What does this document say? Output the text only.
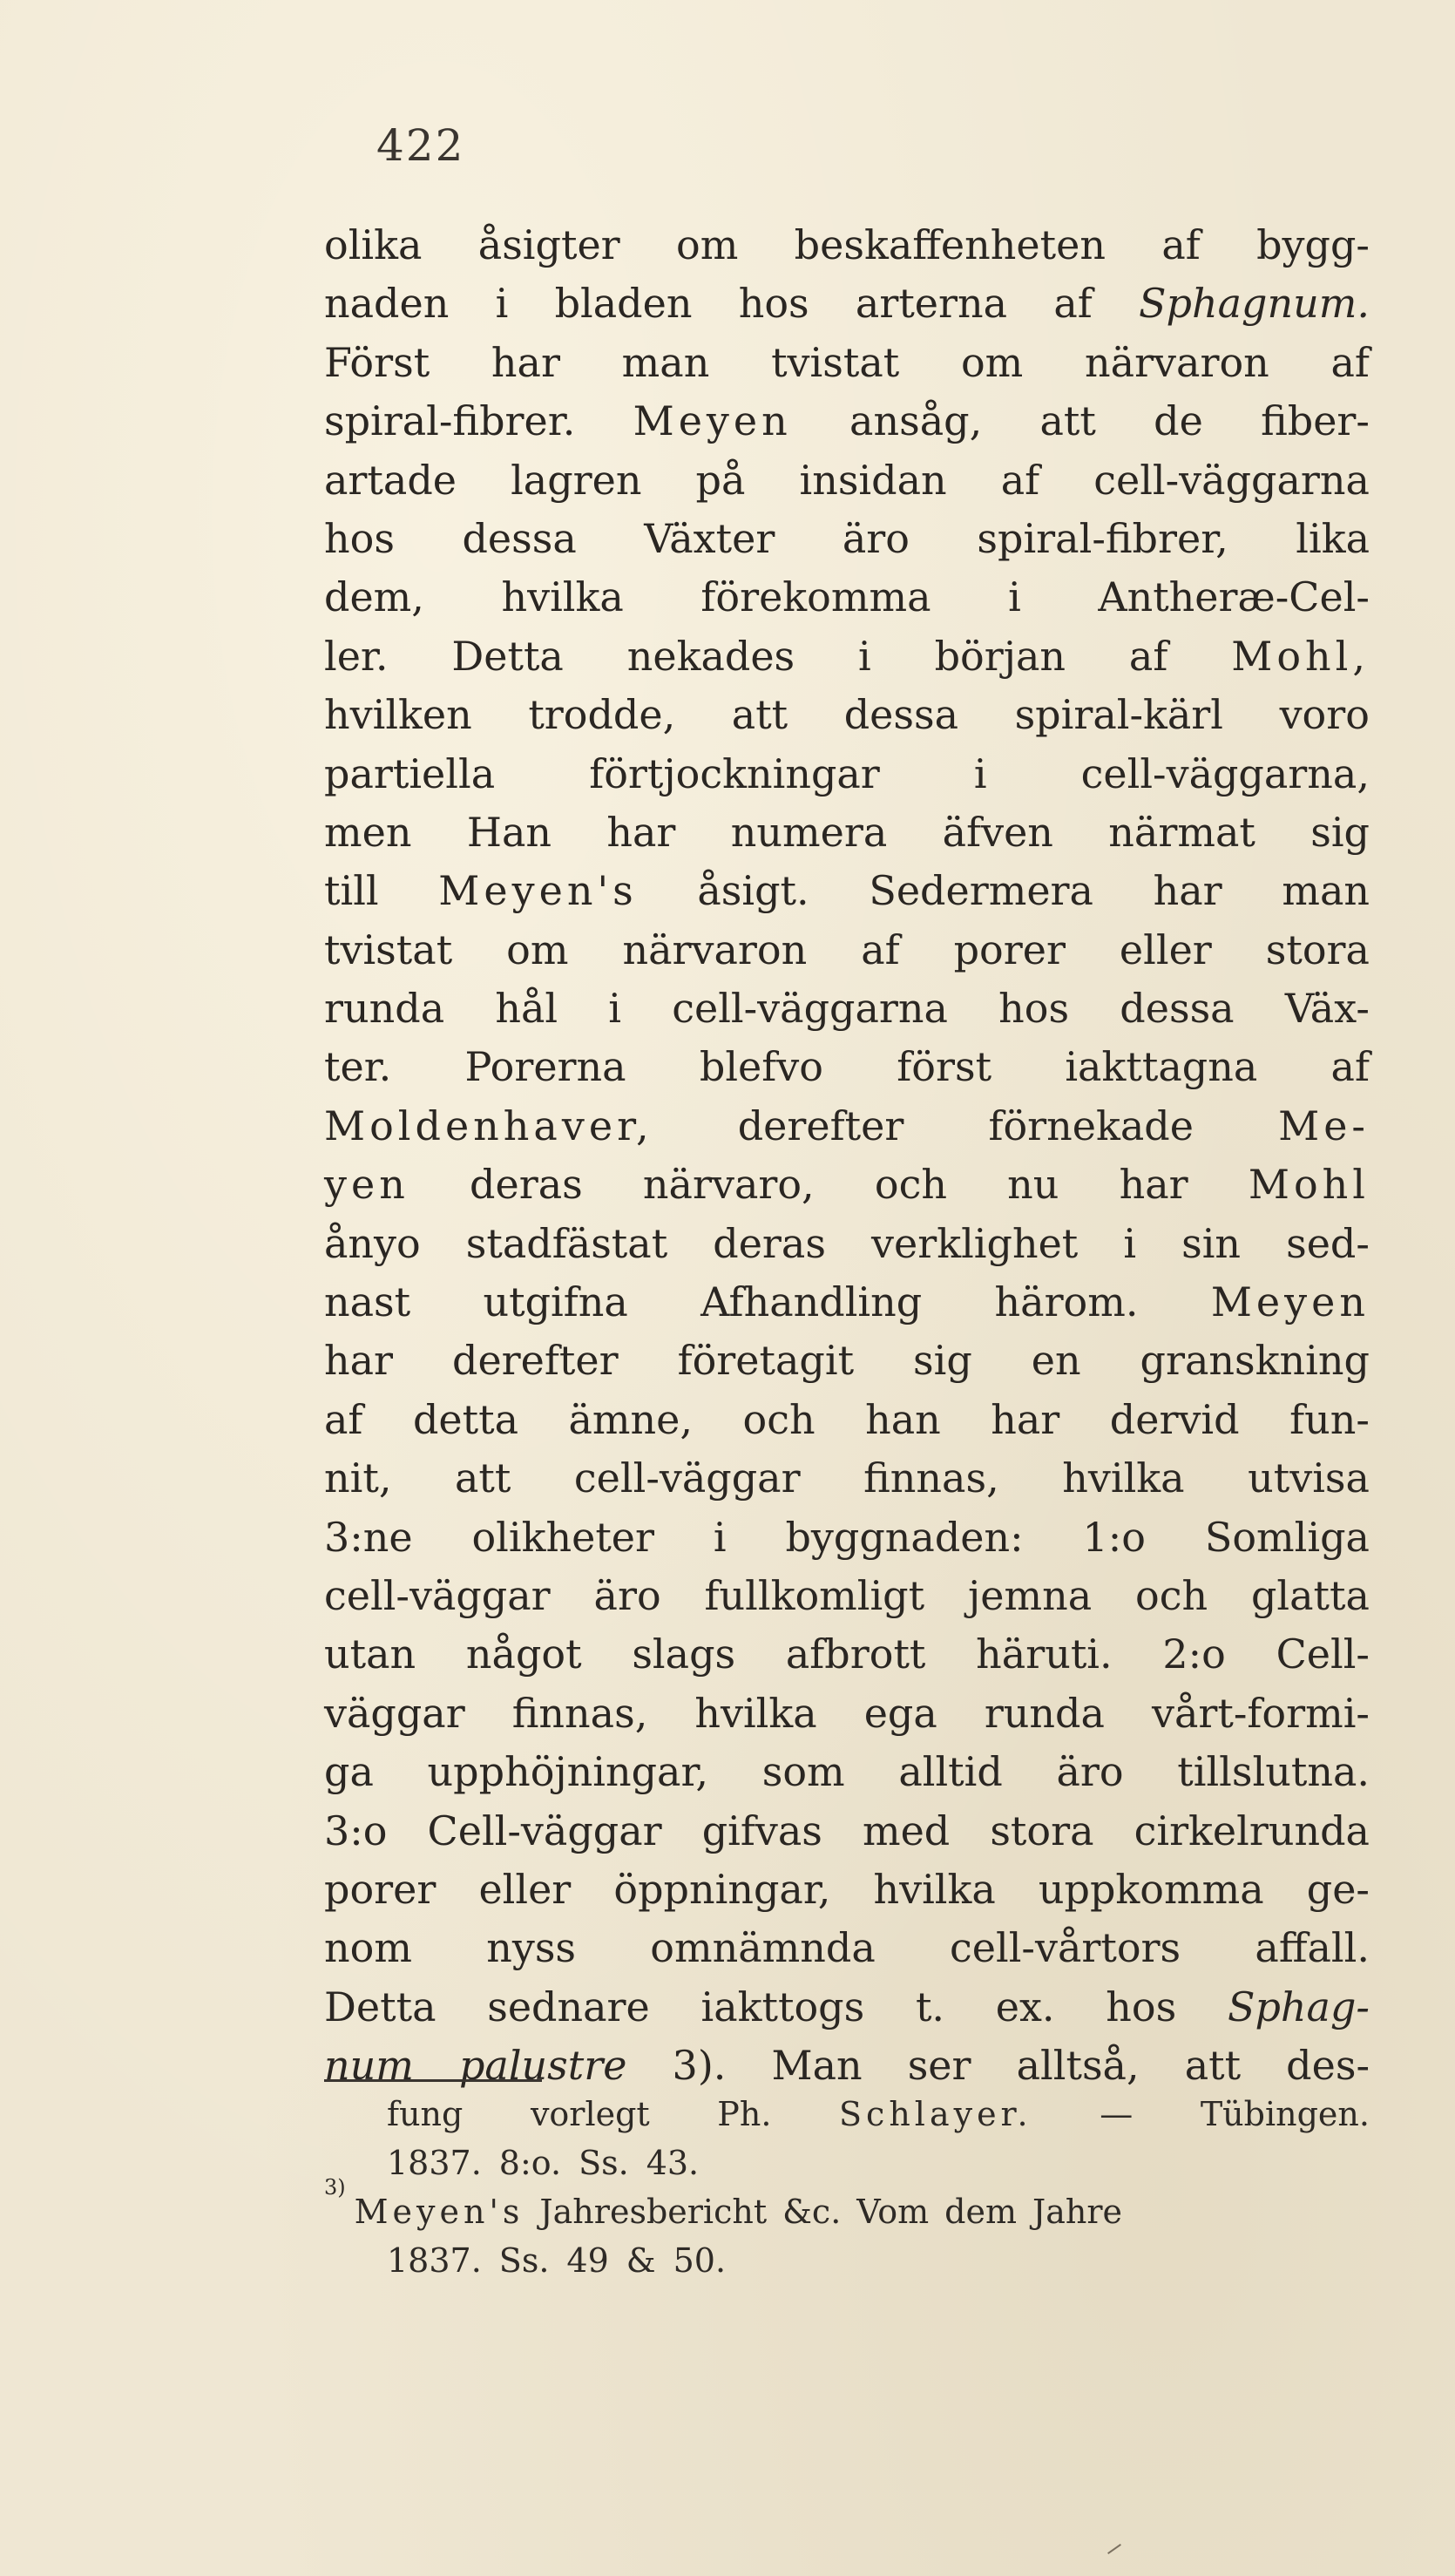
422
olika åsigter om beskaffenheten af bygg-
naden i bladen hos arterna af Sphagnum.
Först har man tvistat om närvaron af
spiral-fibrer. Meyen ansåg, att de fiber-
artade lagren på insidan af cell-väggarna
hos dessa Växter äro spiral-fibrer, lika
dem, hvilka förekomma i Antheræ-Cel-
ler. Detta nekades i början af Mohl,
hvilken trodde, att dessa spiral-kärl voro
partiella förtjockningar i cell-väggarna,
men Han har numera äfven närmat sig
till Meyen's åsigt. Sedermera har man
tvistat om närvaron af porer eller stora
runda hål i cell-väggarna hos dessa Väx-
ter. Porerna blefvo först iakttagna af
Moldenhaver, derefter förnekade Me-
yen deras närvaro, och nu har Mohl
ånyo stadfästat deras verklighet i sin sed-
nast utgifna Afhandling härom. Meyen
har derefter företagit sig en granskning
af detta ämne, och han har dervid fun-
nit, att cell-väggar finnas, hvilka utvisa
3:ne olikheter i byggnaden: 1:o Somliga
cell-väggar äro fullkomligt jemna och glatta
utan något slags afbrott häruti. 2:o Cell-
väggar finnas, hvilka ega runda vårt-formi-
ga upphöjningar, som alltid äro tillslutna.
3:o Cell-väggar gifvas med stora cirkelrunda
porer eller öppningar, hvilka uppkomma ge-
nom nyss omnämnda cell-vårtors affall.
Detta sednare iakttogs t. ex. hos Sphag-
num palustre 3). Man ser alltså, att des-
fung vorlegt Ph. Schlayer. — Tübingen.
1837. 8:o. Ss. 43.
3)
Meyen's Jahresbericht &c. Vom dem Jahre
1837. Ss. 49 & 50.
